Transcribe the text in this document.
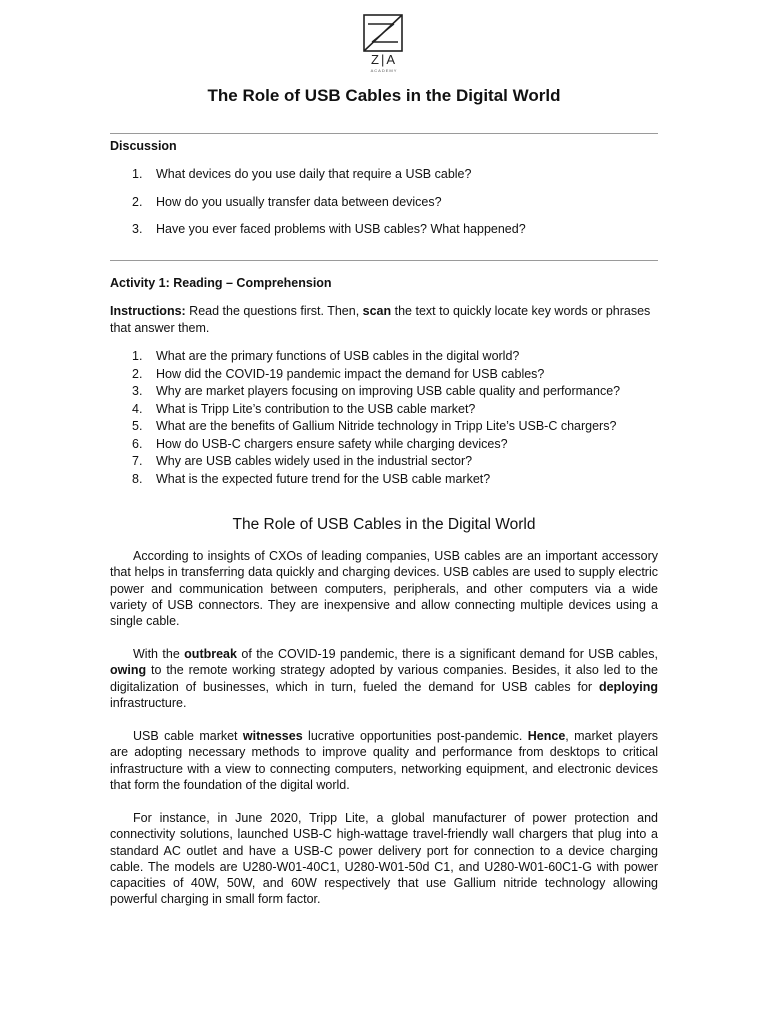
Z|A
ACADEMY
The Role of USB Cables in the Digital World

Discussion

1. What devices do you use daily that require a USB cable?
2. How do you usually transfer data between devices?
3. Have you ever faced problems with USB cables? What happened?

Activity 1: Reading – Comprehension

Instructions: Read the questions first. Then, scan the text to quickly locate key words or phrases that answer them.

1. What are the primary functions of USB cables in the digital world?
2. How did the COVID-19 pandemic impact the demand for USB cables?
3. Why are market players focusing on improving USB cable quality and performance?
4. What is Tripp Lite’s contribution to the USB cable market?
5. What are the benefits of Gallium Nitride technology in Tripp Lite’s USB-C chargers?
6. How do USB-C chargers ensure safety while charging devices?
7. Why are USB cables widely used in the industrial sector?
8. What is the expected future trend for the USB cable market?
The Role of USB Cables in the Digital World

According to insights of CXOs of leading companies, USB cables are an important accessory that helps in transferring data quickly and charging devices. USB cables are used to supply electric power and communication between computers, peripherals, and other computers via a wide variety of USB connectors. They are inexpensive and allow connecting multiple devices using a single cable.

With the outbreak of the COVID-19 pandemic, there is a significant demand for USB cables, owing to the remote working strategy adopted by various companies. Besides, it also led to the digitalization of businesses, which in turn, fueled the demand for USB cables for deploying infrastructure.

USB cable market witnesses lucrative opportunities post-pandemic. Hence, market players are adopting necessary methods to improve quality and performance from desktops to critical infrastructure with a view to connecting computers, networking equipment, and electronic devices that form the foundation of the digital world.

For instance, in June 2020, Tripp Lite, a global manufacturer of power protection and connectivity solutions, launched USB-C high-wattage travel-friendly wall chargers that plug into a standard AC outlet and have a USB-C power delivery port for connection to a device charging cable. The models are U280-W01-40C1, U280-W01-50d C1, and U280-W01-60C1-G with power capacities of 40W, 50W, and 60W respectively that use Gallium nitride technology allowing powerful charging in small form factor.
